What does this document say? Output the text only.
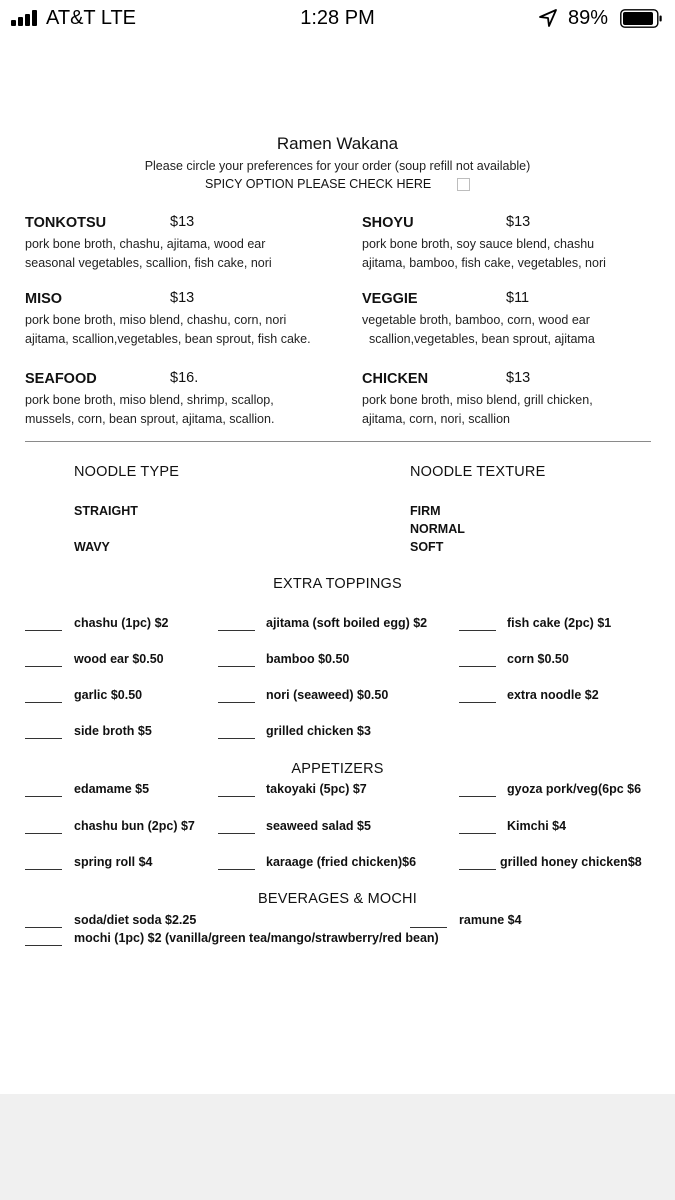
AT&T LTE	1:28 PM	89%
Ramen Wakana
Please circle your preferences for your order (soup refill not available)
SPICY OPTION PLEASE CHECK HERE
TONKOTSU	$13
pork bone broth, chashu, ajitama, wood ear
seasonal vegetables, scallion, fish cake, nori
SHOYU	$13
pork bone broth, soy sauce blend, chashu
ajitama, bamboo, fish cake, vegetables, nori
MISO	$13
pork bone broth, miso blend, chashu, corn, nori
ajitama, scallion,vegetables, bean sprout, fish cake.
VEGGIE	$11
vegetable broth, bamboo, corn, wood ear
scallion,vegetables, bean sprout, ajitama
SEAFOOD	$16.
pork bone broth, miso blend, shrimp, scallop,
mussels, corn, bean sprout, ajitama, scallion.
CHICKEN	$13
pork bone broth, miso blend, grill chicken,
ajitama, corn, nori, scallion
NOODLE TYPE
STRAIGHT
WAVY
NOODLE TEXTURE
FIRM
NORMAL
SOFT
EXTRA TOPPINGS
chashu (1pc) $2	ajitama (soft boiled egg) $2	fish cake (2pc) $1
wood ear $0.50	bamboo $0.50	corn $0.50
garlic $0.50	nori (seaweed) $0.50	extra noodle $2
side broth $5	grilled chicken $3
APPETIZERS
edamame $5	takoyaki (5pc) $7	gyoza pork/veg(6pc $6
chashu bun (2pc) $7	seaweed salad $5	Kimchi $4
spring roll $4	karaage (fried chicken)$6	grilled honey chicken$8
BEVERAGES & MOCHI
soda/diet soda $2.25	ramune $4
mochi (1pc) $2 (vanilla/green tea/mango/strawberry/red bean)
